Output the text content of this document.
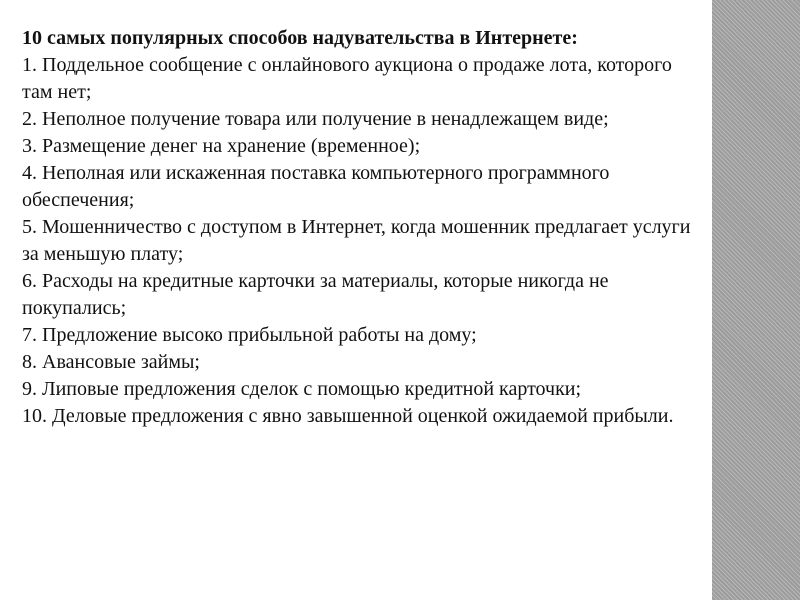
10 самых популярных способов надувательства в Интернете:
1. Поддельное сообщение с онлайнового аукциона о продаже лота, которого там нет;
2. Неполное получение товара или получение в ненадлежащем виде;
3. Размещение денег на хранение (временное);
4. Неполная или искаженная поставка компьютерного программного обеспечения;
5. Мошенничество с доступом в Интернет, когда мошенник предлагает услуги за меньшую плату;
6. Расходы на кредитные карточки за материалы, которые никогда не покупались;
7. Предложение высоко прибыльной работы на дому;
8. Авансовые займы;
9. Липовые предложения сделок с помощью кредитной карточки;
10. Деловые предложения с явно завышенной оценкой ожидаемой прибыли.
